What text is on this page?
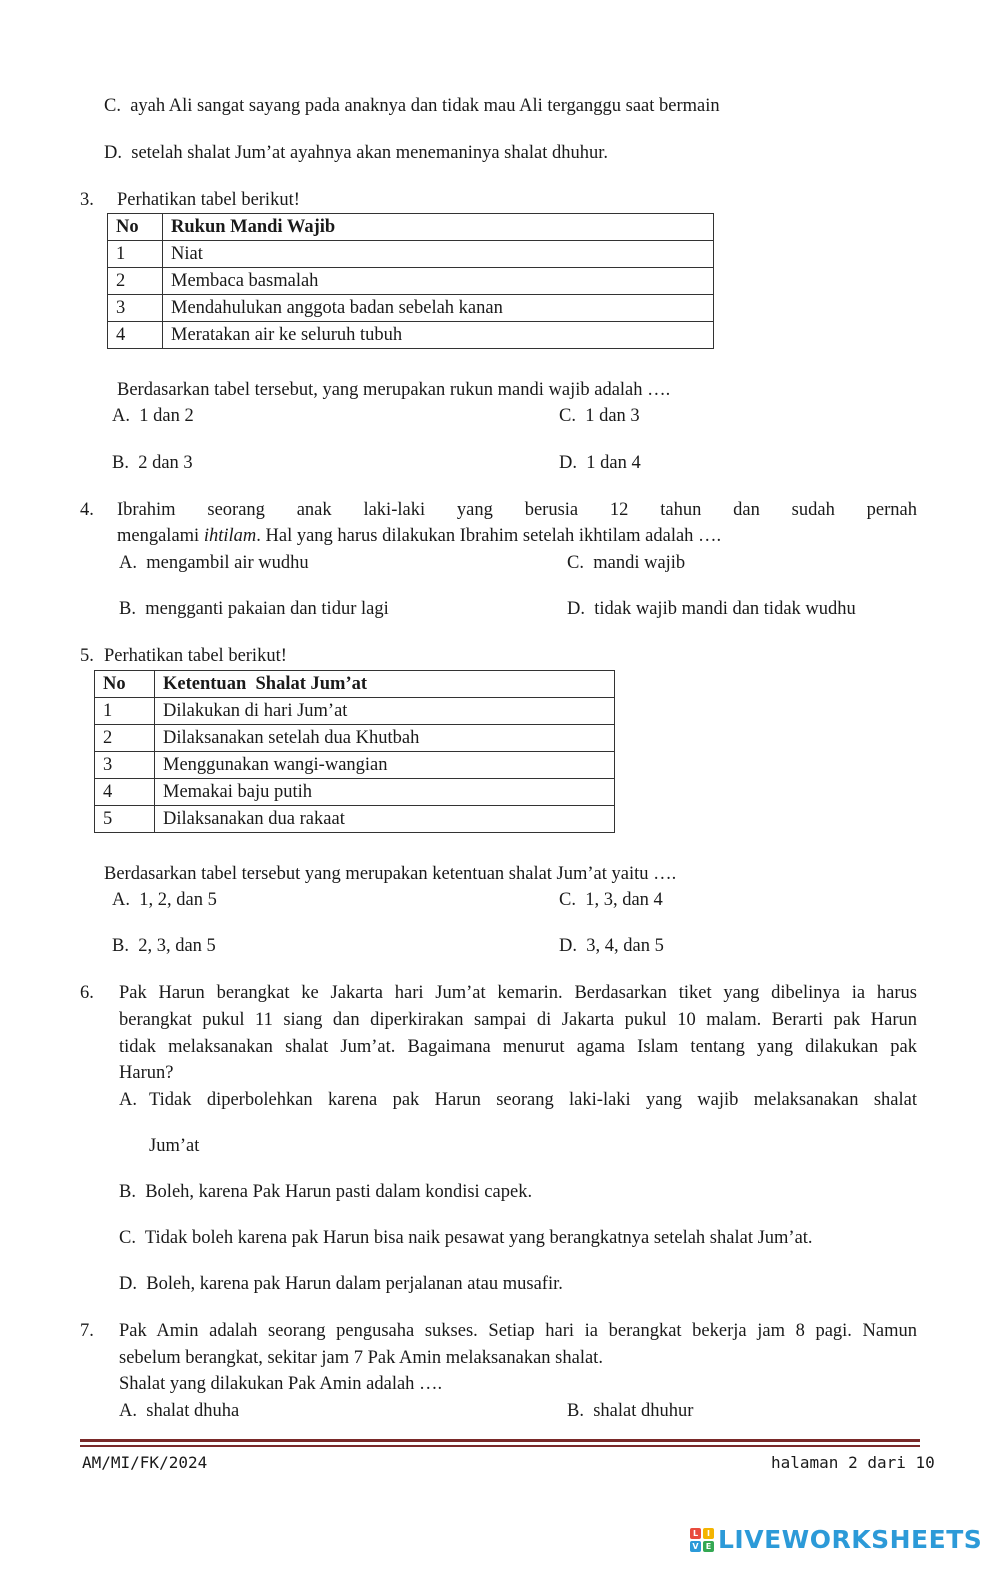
C. ayah Ali sangat sayang pada anaknya dan tidak mau Ali terganggu saat bermain
D. setelah shalat Jum’at ayahnya akan menemaninya shalat dhuhur.
3. Perhatikan tabel berikut!
No	Rukun Mandi Wajib
1	Niat
2	Membaca basmalah
3	Mendahulukan anggota badan sebelah kanan
4	Meratakan air ke seluruh tubuh
Berdasarkan tabel tersebut, yang merupakan rukun mandi wajib adalah ….
A. 1 dan 2	C. 1 dan 3
B. 2 dan 3	D. 1 dan 4
4. Ibrahim seorang anak laki-laki yang berusia 12 tahun dan sudah pernah
mengalami ihtilam. Hal yang harus dilakukan Ibrahim setelah ikhtilam adalah ….
A. mengambil air wudhu	C. mandi wajib
B. mengganti pakaian dan tidur lagi	D. tidak wajib mandi dan tidak wudhu
5. Perhatikan tabel berikut!
No	Ketentuan  Shalat Jum’at
1	Dilakukan di hari Jum’at
2	Dilaksanakan setelah dua Khutbah
3	Menggunakan wangi-wangian
4	Memakai baju putih
5	Dilaksanakan dua rakaat
Berdasarkan tabel tersebut yang merupakan ketentuan shalat Jum’at yaitu ….
A. 1, 2, dan 5	C. 1, 3, dan 4
B. 2, 3, dan 5	D. 3, 4, dan 5
6. Pak Harun berangkat ke Jakarta hari Jum’at kemarin. Berdasarkan tiket yang dibelinya ia harus
berangkat pukul 11 siang dan diperkirakan sampai di Jakarta pukul 10 malam. Berarti pak Harun
tidak melaksanakan shalat Jum’at. Bagaimana menurut agama Islam tentang yang dilakukan pak
Harun?
A. Tidak diperbolehkan karena pak Harun seorang laki-laki yang wajib melaksanakan shalat
Jum’at
B. Boleh, karena Pak Harun pasti dalam kondisi capek.
C. Tidak boleh karena pak Harun bisa naik pesawat yang berangkatnya setelah shalat Jum’at.
D. Boleh, karena pak Harun dalam perjalanan atau musafir.
7. Pak Amin adalah seorang pengusaha sukses. Setiap hari ia berangkat bekerja jam 8 pagi. Namun
sebelum berangkat, sekitar jam 7 Pak Amin melaksanakan shalat.
Shalat yang dilakukan Pak Amin adalah ….
A. shalat dhuha	B. shalat dhuhur
AM/MI/FK/2024	halaman 2 dari 10
L	I
V E LIVEWORKSHEETS
